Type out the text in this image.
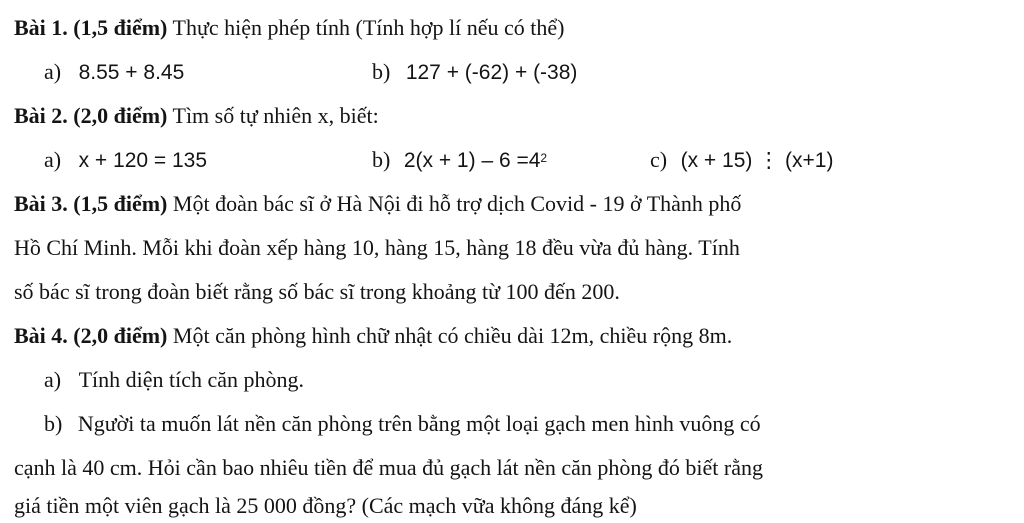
Bài 1. (1,5 điểm) Thực hiện phép tính (Tính hợp lí nếu có thể)
a) 8.55 + 8.45	b) 127 + (-62) + (-38)
Bài 2. (2,0 điểm) Tìm số tự nhiên x, biết:
a) x + 120 = 135	b) $2(x + 1) - 6 =4^2$	c) (x + 15) ⋮ (x+1)
Bài 3. (1,5 điểm) Một đoàn bác sĩ ở Hà Nội đi hỗ trợ dịch Covid - 19 ở Thành phố
Hồ Chí Minh. Mỗi khi đoàn xếp hàng 10, hàng 15, hàng 18 đều vừa đủ hàng. Tính
số bác sĩ trong đoàn biết rằng số bác sĩ trong khoảng từ 100 đến 200.
Bài 4. (2,0 điểm) Một căn phòng hình chữ nhật có chiều dài 12m, chiều rộng 8m.
a) Tính diện tích căn phòng.
b) Người ta muốn lát nền căn phòng trên bằng một loại gạch men hình vuông có
cạnh là 40 cm. Hỏi cần bao nhiêu tiền để mua đủ gạch lát nền căn phòng đó biết rằng
giá tiền một viên gạch là 25 000 đồng? (Các mạch vữa không đáng kể)
